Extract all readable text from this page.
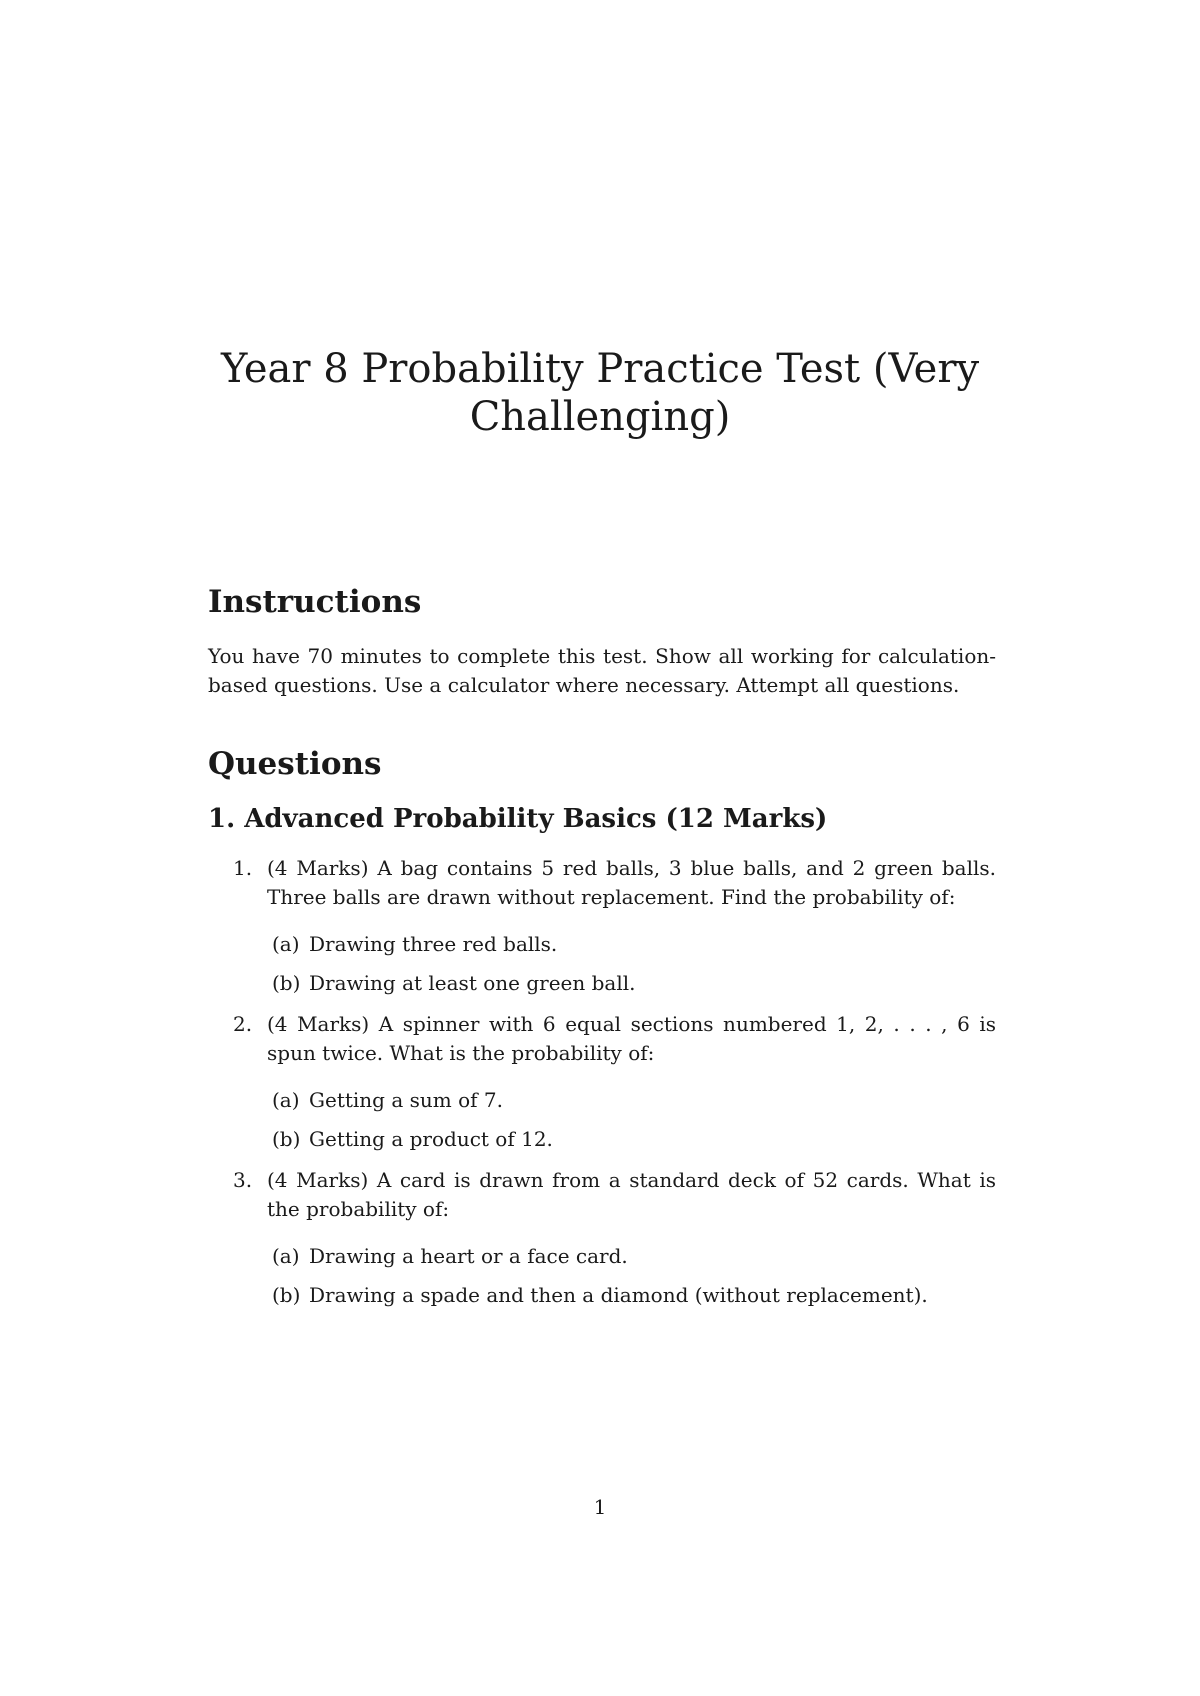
Year 8 Probability Practice Test (Very Challenging)
Instructions

You have 70 minutes to complete this test. Show all working for calculation-based questions. Use a calculator where necessary. Attempt all questions.

Questions
1. Advanced Probability Basics (12 Marks)
1. (4 Marks) A bag contains 5 red balls, 3 blue balls, and 2 green balls. Three balls are drawn without replacement. Find the probability of:
(a) Drawing three red balls.
(b) Drawing at least one green ball.
2. (4 Marks) A spinner with 6 equal sections numbered 1, 2, . . . , 6 is spun twice. What is the probability of:
(a) Getting a sum of 7.
(b) Getting a product of 12.
3. (4 Marks) A card is drawn from a standard deck of 52 cards. What is the probability of:
(a) Drawing a heart or a face card.
(b) Drawing a spade and then a diamond (without replacement).
1
